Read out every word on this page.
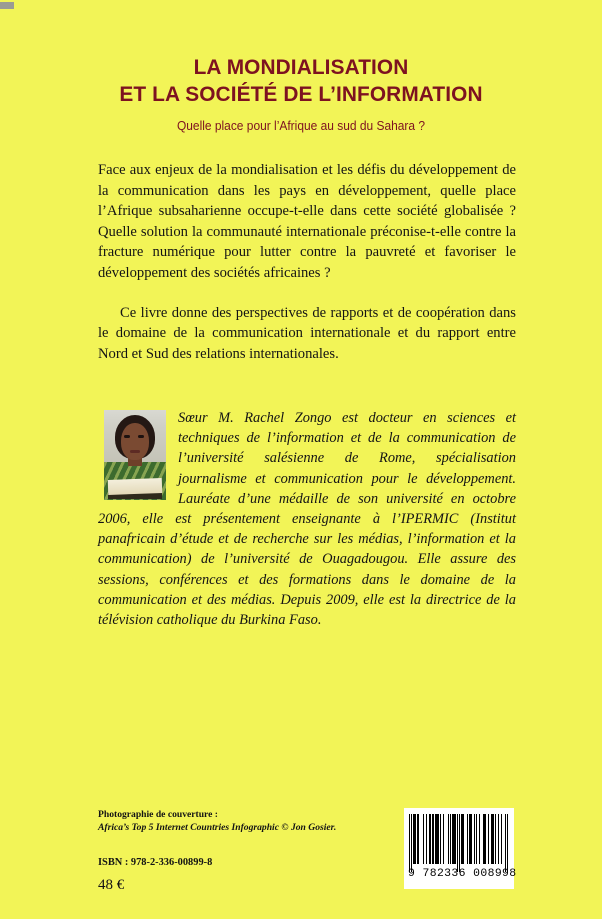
LA MONDIALISATION
ET LA SOCIÉTÉ DE L’INFORMATION
Quelle place pour l’Afrique au sud du Sahara ?

Face aux enjeux de la mondialisation et les défis du développement de la communication dans les pays en développement, quelle place l’Afrique subsaharienne occupe-t-elle dans cette société globalisée ? Quelle solution la communauté internationale préconise-t-elle contre la fracture numérique pour lutter contre la pauvreté et favoriser le développement des sociétés africaines ?

Ce livre donne des perspectives de rapports et de coopération dans le domaine de la communication internationale et du rapport entre Nord et Sud des relations internationales.

Sœur M. Rachel Zongo est docteur en sciences et techniques de l’information et de la communication de l’université salésienne de Rome, spécialisation journalisme et communication pour le développement. Lauréate d’une médaille de son université en octobre 2006, elle est présentement enseignante à l’IPERMIC (Institut panafricain d’étude et de recherche sur les médias, l’information et la communication) de l’université de Ouagadougou. Elle assure des sessions, conférences et des formations dans le domaine de la communication et des médias. Depuis 2009, elle est la directrice de la télévision catholique du Burkina Faso.

Photographie de couverture :
Africa’s Top 5 Internet Countries Infographic © Jon Gosier.
ISBN : 978-2-336-00899-8
48 €
9 782336 008998
